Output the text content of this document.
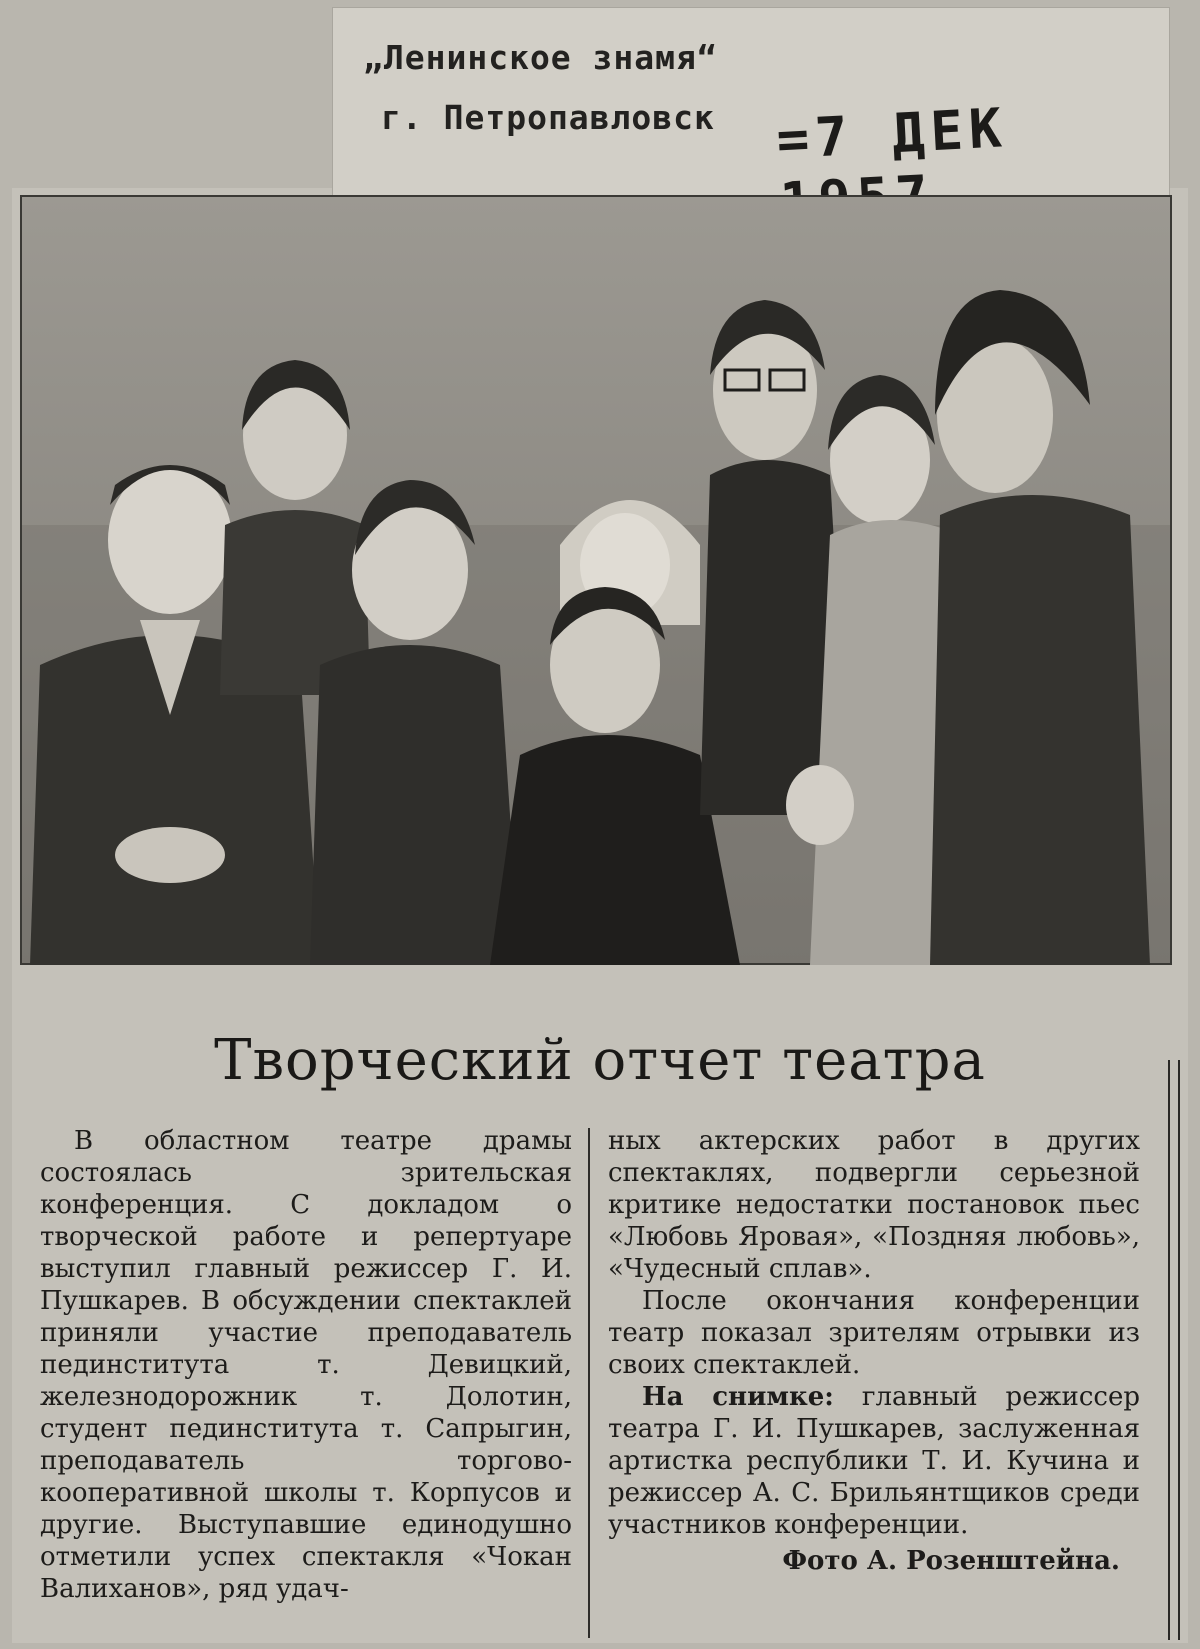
„Ленинское знамя“
г. Петропавловск =7 ДЕК
Творческий отчет театра

В областном театре драмы состоялась зрительская конференция. С докладом о творческой работе и репертуаре выступил главный режиссер Г. И. Пушкарев. В обсуждении спектаклей приняли участие преподаватель пединститута т. Девицкий, железнодорожник т. Долотин, студент пединститута т. Сапрыгин, преподаватель торгово-кооперативной школы т. Корпусов и другие. Выступавшие единодушно отметили успех спектакля «Чокан Валиханов», ряд удач-

ных актерских работ в других спектаклях, подвергли серьезной критике недостатки постановок пьес «Любовь Яровая», «Поздняя любовь», «Чудесный сплав».

После окончания конференции театр показал зрителям отрывки из своих спектаклей.

На снимке: главный режиссер театра Г. И. Пушкарев, заслуженная артистка республики Т. И. Кучина и режиссер А. С. Брильянтщиков среди участников конференции.

Фото А. Розенштейна.
